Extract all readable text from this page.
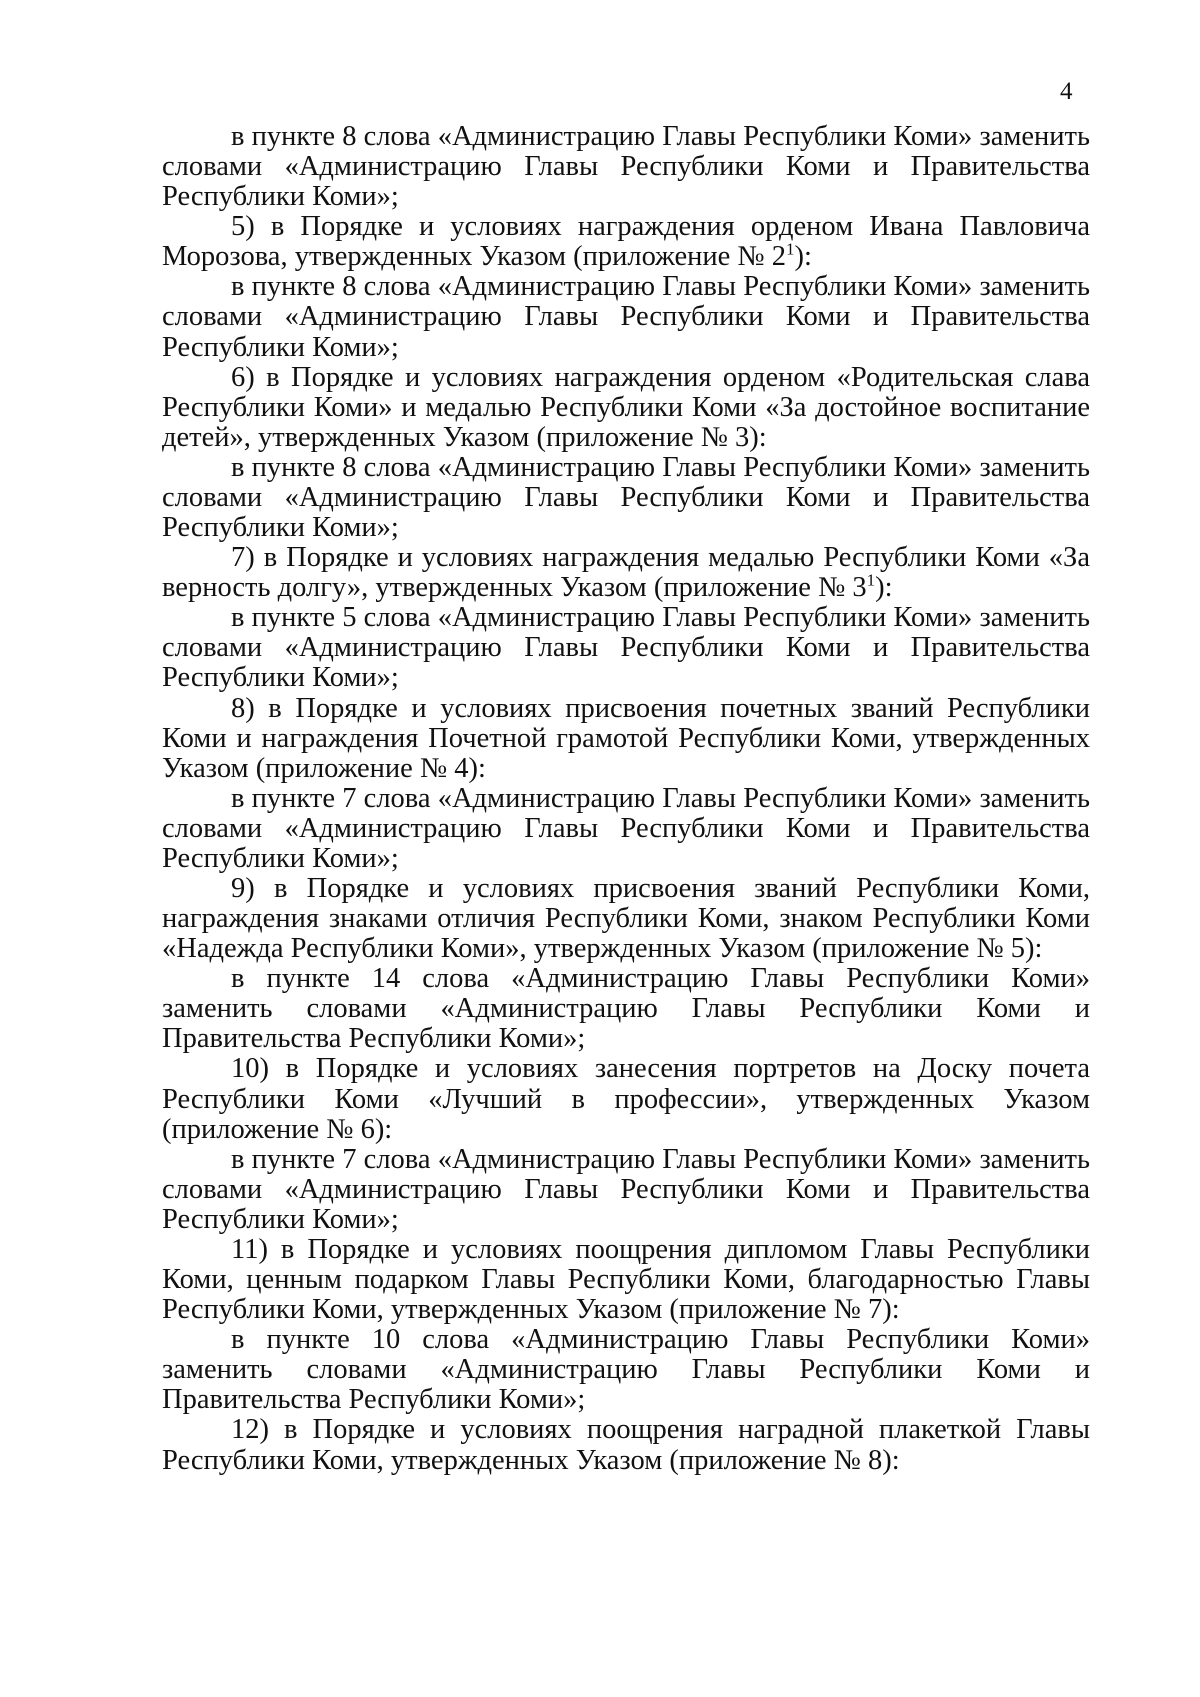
4
в пункте 8 слова «Администрацию Главы Республики Коми» заменить
словами «Администрацию Главы Республики Коми и Правительства
Республики Коми»;
5) в Порядке и условиях награждения орденом Ивана Павловича
Морозова, утвержденных Указом (приложение № $2^1$):
в пункте 8 слова «Администрацию Главы Республики Коми» заменить
словами «Администрацию Главы Республики Коми и Правительства
Республики Коми»;
6) в Порядке и условиях награждения орденом «Родительская слава
Республики Коми» и медалью Республики Коми «За достойное воспитание
детей», утвержденных Указом (приложение № 3):
в пункте 8 слова «Администрацию Главы Республики Коми» заменить
словами «Администрацию Главы Республики Коми и Правительства
Республики Коми»;
7) в Порядке и условиях награждения медалью Республики Коми «За
верность долгу», утвержденных Указом (приложение № $3^1$):
в пункте 5 слова «Администрацию Главы Республики Коми» заменить
словами «Администрацию Главы Республики Коми и Правительства
Республики Коми»;
8) в Порядке и условиях присвоения почетных званий Республики
Коми и награждения Почетной грамотой Республики Коми, утвержденных
Указом (приложение № 4):
в пункте 7 слова «Администрацию Главы Республики Коми» заменить
словами «Администрацию Главы Республики Коми и Правительства
Республики Коми»;
9) в Порядке и условиях присвоения званий Республики Коми,
награждения знаками отличия Республики Коми, знаком Республики Коми
«Надежда Республики Коми», утвержденных Указом (приложение № 5):
в пункте 14 слова «Администрацию Главы Республики Коми»
заменить словами «Администрацию Главы Республики Коми и
Правительства Республики Коми»;
10) в Порядке и условиях занесения портретов на Доску почета
Республики Коми «Лучший в профессии», утвержденных Указом
(приложение № 6):
в пункте 7 слова «Администрацию Главы Республики Коми» заменить
словами «Администрацию Главы Республики Коми и Правительства
Республики Коми»;
11) в Порядке и условиях поощрения дипломом Главы Республики
Коми, ценным подарком Главы Республики Коми, благодарностью Главы
Республики Коми, утвержденных Указом (приложение № 7):
в пункте 10 слова «Администрацию Главы Республики Коми»
заменить словами «Администрацию Главы Республики Коми и
Правительства Республики Коми»;
12) в Порядке и условиях поощрения наградной плакеткой Главы
Республики Коми, утвержденных Указом (приложение № 8):
